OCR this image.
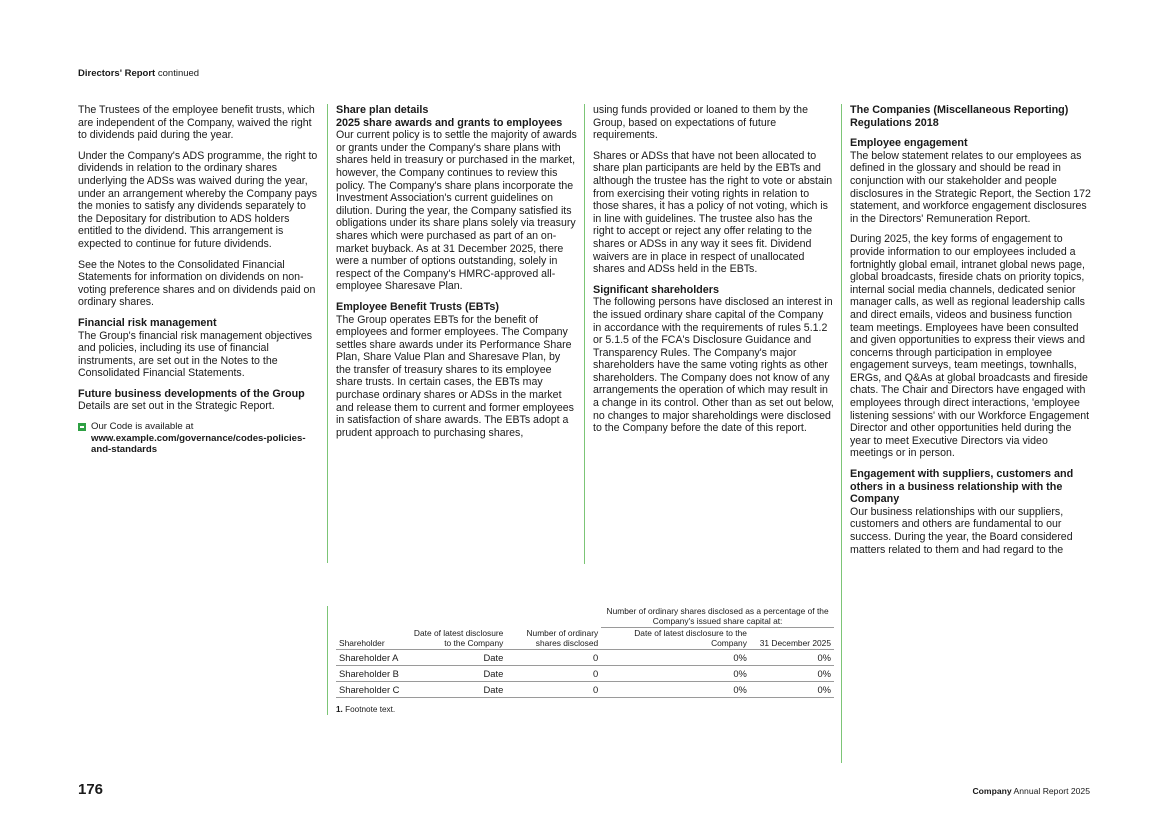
Directors' Report continued

The Trustees of the employee benefit trusts, which are independent of the Company, waived the right to dividends paid during the year.

Under the Company's ADS programme, the right to dividends in relation to the ordinary shares underlying the ADSs was waived during the year, under an arrangement whereby the Company pays the monies to satisfy any dividends separately to the Depositary for distribution to ADS holders entitled to the dividend. This arrangement is expected to continue for future dividends.

See the Notes to the Consolidated Financial Statements for information on dividends on non-voting preference shares and on dividends paid on ordinary shares.

Financial risk management
The Group's financial risk management objectives and policies, including its use of financial instruments, are set out in the Notes to the Consolidated Financial Statements.
Future business developments of the Group
Details are set out in the Strategic Report.
Our Code is available at www.example.com/governance/codes-policies-and-standards
Share plan details
2025 share awards and grants to employees
Our current policy is to settle the majority of awards or grants under the Company's share plans with shares held in treasury or purchased in the market, however, the Company continues to review this policy. The Company's share plans incorporate the Investment Association's current guidelines on dilution. During the year, the Company satisfied its obligations under its share plans solely via treasury shares which were purchased as part of an on-market buyback. As at 31 December 2025, there were a number of options outstanding, solely in respect of the Company's HMRC-approved all-employee Sharesave Plan.
Employee Benefit Trusts (EBTs)
The Group operates EBTs for the benefit of employees and former employees. The Company settles share awards under its Performance Share Plan, Share Value Plan and Sharesave Plan, by the transfer of treasury shares to its employee share trusts. In certain cases, the EBTs may purchase ordinary shares or ADSs in the market and release them to current and former employees in satisfaction of share awards. The EBTs adopt a prudent approach to purchasing shares,

using funds provided or loaned to them by the Group, based on expectations of future requirements.

Shares or ADSs that have not been allocated to share plan participants are held by the EBTs and although the trustee has the right to vote or abstain from exercising their voting rights in relation to those shares, it has a policy of not voting, which is in line with guidelines. The trustee also has the right to accept or reject any offer relating to the shares or ADSs in any way it sees fit. Dividend waivers are in place in respect of unallocated shares and ADSs held in the EBTs.

Significant shareholders
The following persons have disclosed an interest in the issued ordinary share capital of the Company in accordance with the requirements of rules 5.1.2 or 5.1.5 of the FCA's Disclosure Guidance and Transparency Rules. The Company's major shareholders have the same voting rights as other shareholders. The Company does not know of any arrangements the operation of which may result in a change in its control. Other than as set out below, no changes to major shareholdings were disclosed to the Company before the date of this report.
The Companies (Miscellaneous Reporting) Regulations 2018
Employee engagement

The below statement relates to our employees as defined in the glossary and should be read in conjunction with our stakeholder and people disclosures in the Strategic Report, the Section 172 statement, and workforce engagement disclosures in the Directors' Remuneration Report.

During 2025, the key forms of engagement to provide information to our employees included a fortnightly global email, intranet global news page, global broadcasts, fireside chats on priority topics, internal social media channels, dedicated senior manager calls, as well as regional leadership calls and direct emails, videos and business function team meetings. Employees have been consulted and given opportunities to express their views and concerns through participation in employee engagement surveys, team meetings, townhalls, ERGs, and Q&As at global broadcasts and fireside chats. The Chair and Directors have engaged with employees through direct interactions, 'employee listening sessions' with our Workforce Engagement Director and other opportunities held during the year to meet Executive Directors via video meetings or in person.

Engagement with suppliers, customers and others in a business relationship with the Company
Our business relationships with our suppliers, customers and others are fundamental to our success. During the year, the Board considered matters related to them and had regard to the
			Number of ordinary shares disclosed as a percentage of the Company's issued share capital at:	
Shareholder	Date of latest disclosure to the Company	Number of ordinary shares disclosed	Date of latest disclosure to the Company	31 December 2025
Shareholder A	Date	0	0%	0%
Shareholder B	Date	0	0%	0%
Shareholder C	Date	0	0%	0%
1. Footnote text.
176	Company Annual Report 2025
